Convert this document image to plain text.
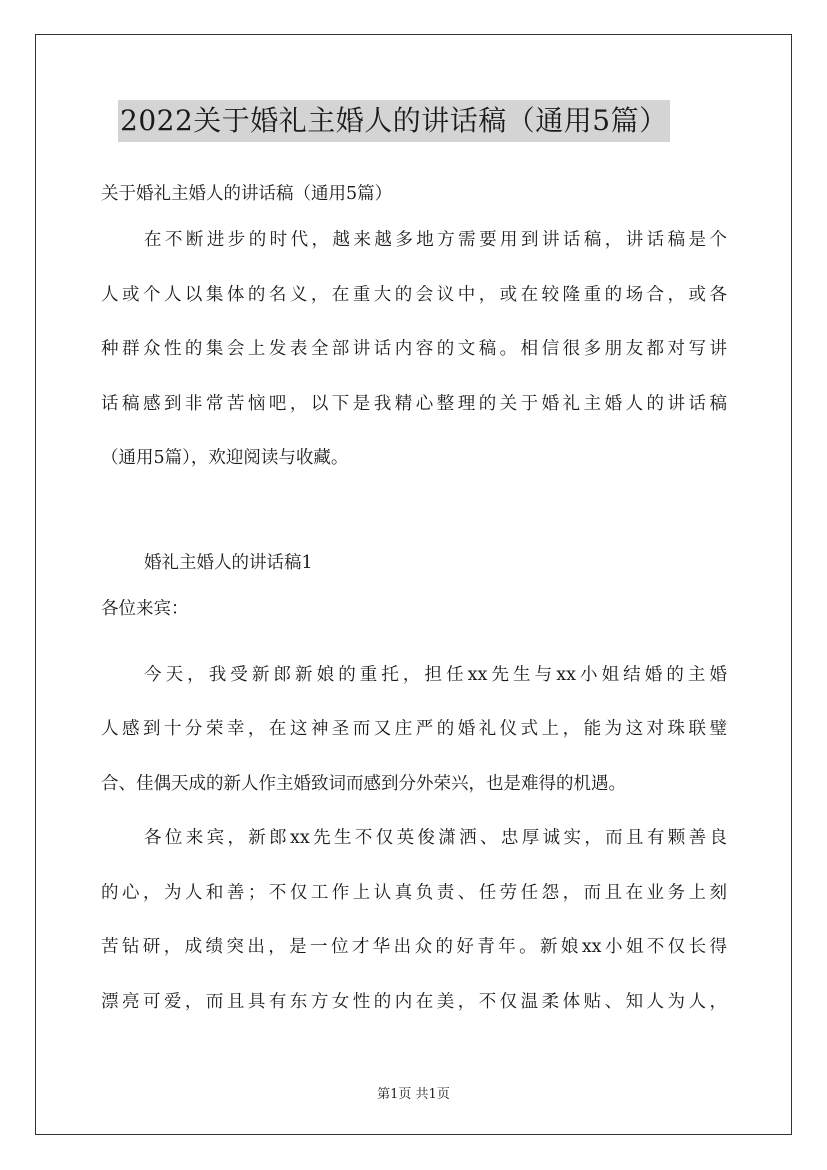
2022关于婚礼主婚人的讲话稿（通用5篇）
关于婚礼主婚人的讲话稿（通用5篇）
在不断进步的时代，越来越多地方需要用到讲话稿，讲话稿是个
人或个人以集体的名义，在重大的会议中，或在较隆重的场合，或各
种群众性的集会上发表全部讲话内容的文稿。相信很多朋友都对写讲
话稿感到非常苦恼吧，以下是我精心整理的关于婚礼主婚人的讲话稿
（通用5篇），欢迎阅读与收藏。
婚礼主婚人的讲话稿1
各位来宾：
今天，我受新郎新娘的重托，担任xx先生与xx小姐结婚的主婚
人感到十分荣幸，在这神圣而又庄严的婚礼仪式上，能为这对珠联璧
合、佳偶天成的新人作主婚致词而感到分外荣兴，也是难得的机遇。
各位来宾，新郎xx先生不仅英俊潇洒、忠厚诚实，而且有颗善良
的心，为人和善；不仅工作上认真负责、任劳任怨，而且在业务上刻
苦钻研，成绩突出，是一位才华出众的好青年。新娘xx小姐不仅长得
漂亮可爱，而且具有东方女性的内在美，不仅温柔体贴、知人为人，
第1页 共1页
